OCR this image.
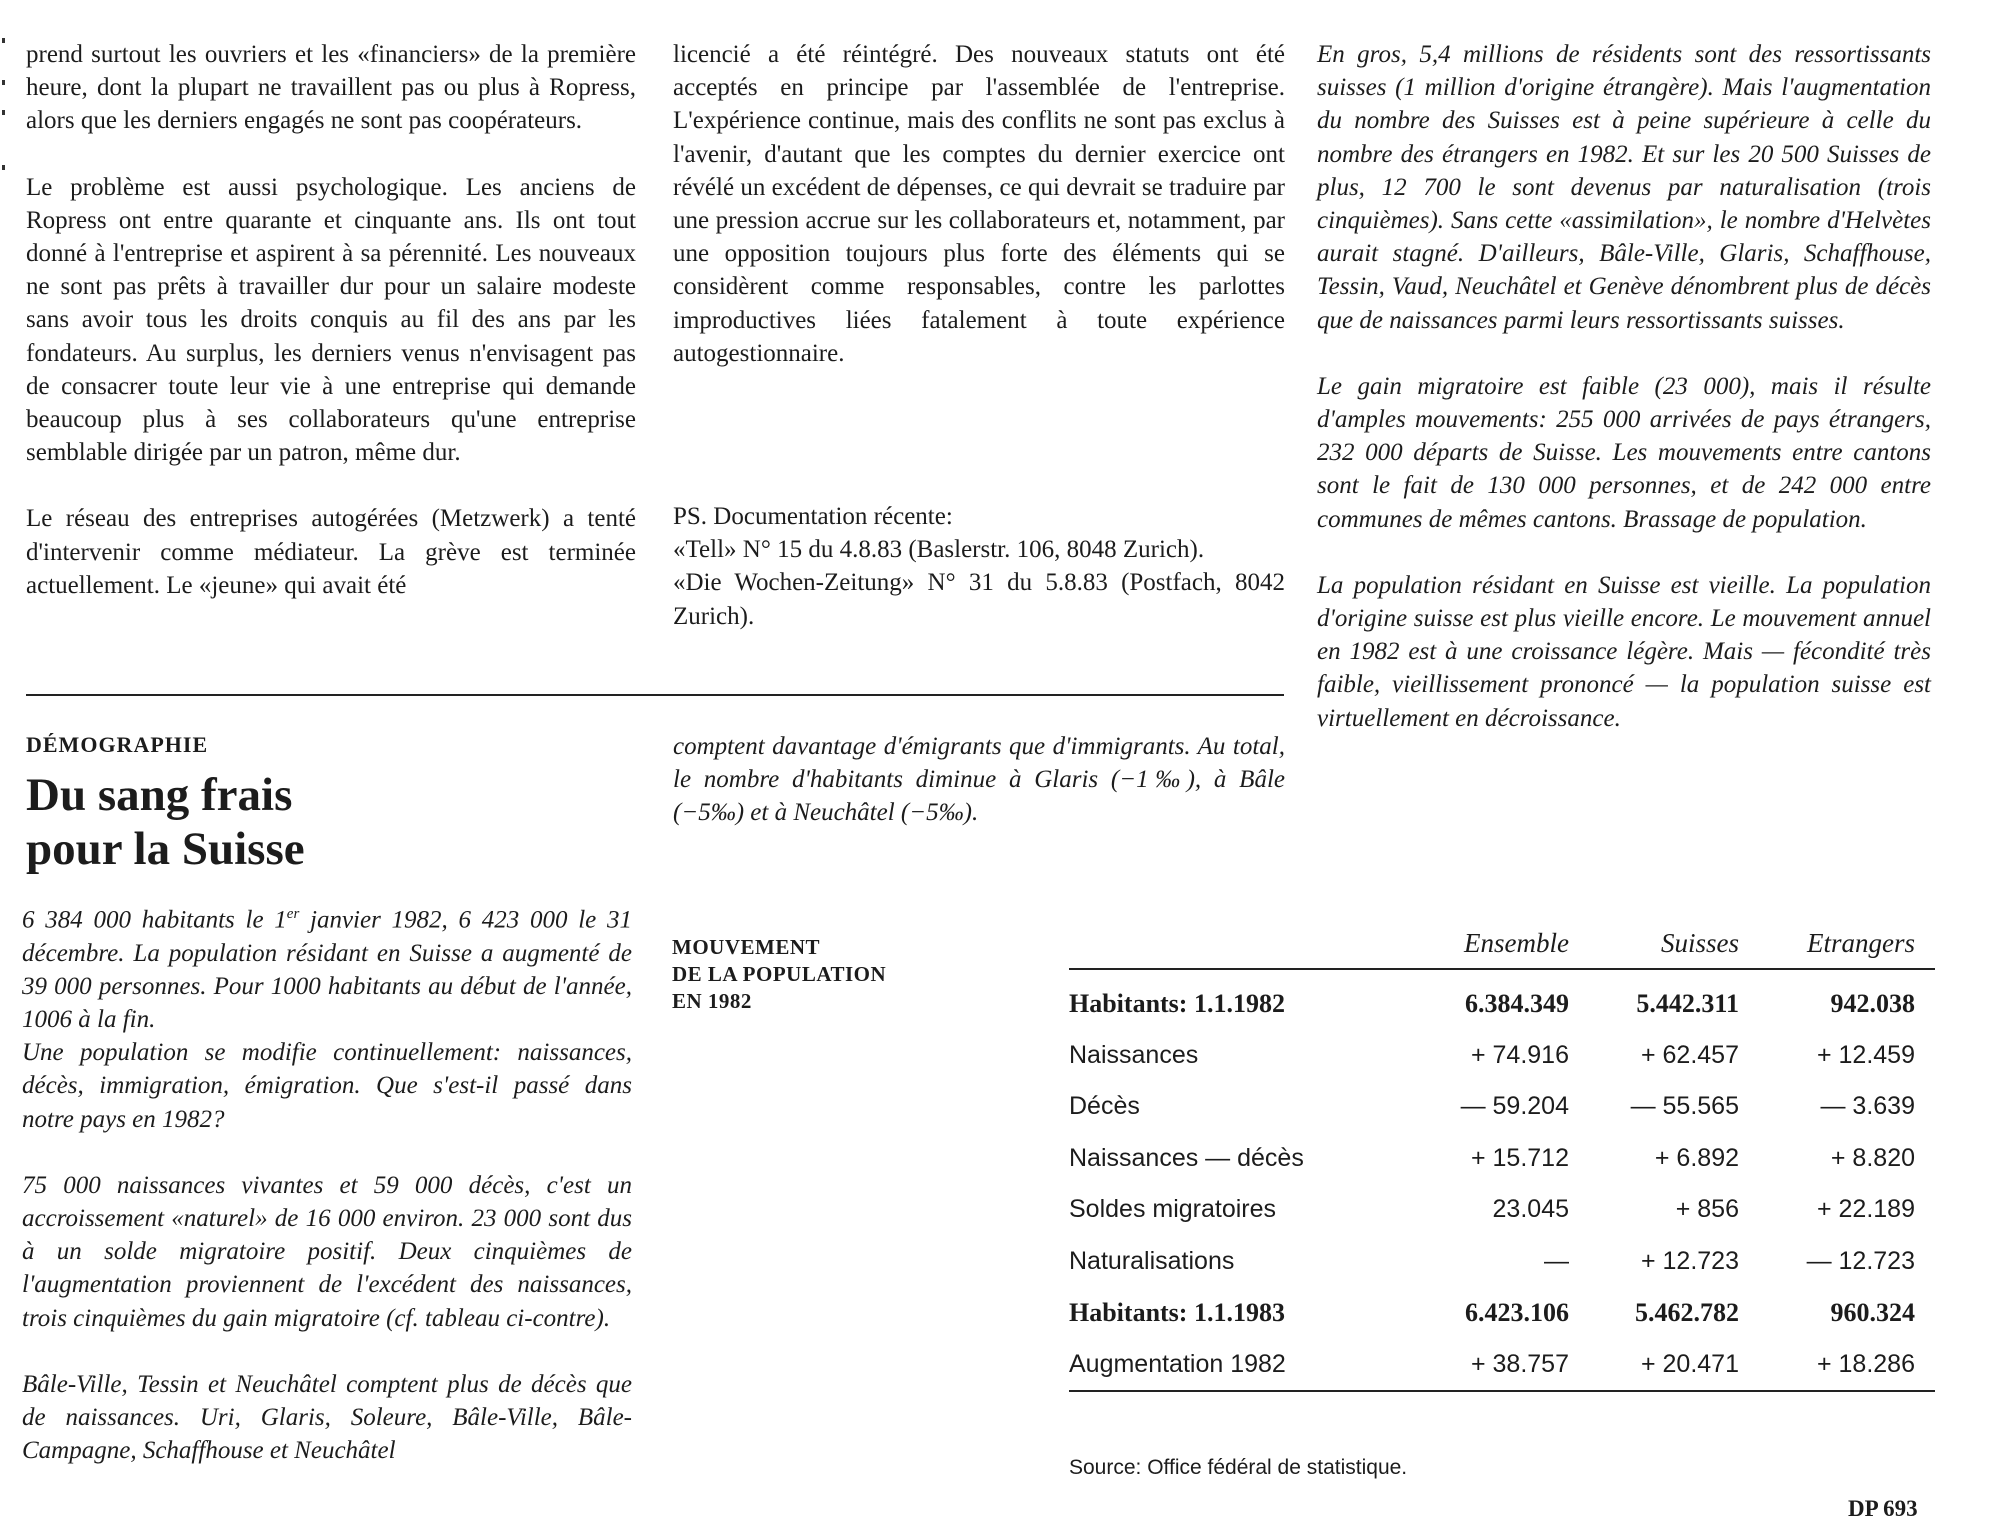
prend surtout les ouvriers et les «financiers» de la première heure, dont la plupart ne travaillent pas ou plus à Ropress, alors que les derniers engagés ne sont pas coopérateurs.

Le problème est aussi psychologique. Les anciens de Ropress ont entre quarante et cinquante ans. Ils ont tout donné à l'entreprise et aspirent à sa pérennité. Les nouveaux ne sont pas prêts à travailler dur pour un salaire modeste sans avoir tous les droits conquis au fil des ans par les fondateurs. Au surplus, les derniers venus n'envisagent pas de consacrer toute leur vie à une entreprise qui demande beaucoup plus à ses collaborateurs qu'une entreprise semblable dirigée par un patron, même dur.

Le réseau des entreprises autogérées (Metzwerk) a tenté d'intervenir comme médiateur. La grève est terminée actuellement. Le «jeune» qui avait été

licencié a été réintégré. Des nouveaux statuts ont été acceptés en principe par l'assemblée de l'entreprise. L'expérience continue, mais des conflits ne sont pas exclus à l'avenir, d'autant que les comptes du dernier exercice ont révélé un excédent de dépenses, ce qui devrait se traduire par une pression accrue sur les collaborateurs et, notamment, par une opposition toujours plus forte des éléments qui se considèrent comme responsables, contre les parlottes improductives liées fatalement à toute expérience autogestionnaire.

PS. Documentation récente:

«Tell» N° 15 du 4.8.83 (Baslerstr. 106, 8048 Zurich).

«Die Wochen-Zeitung» N° 31 du 5.8.83 (Postfach, 8042 Zurich).

En gros, 5,4 millions de résidents sont des ressortissants suisses (1 million d'origine étrangère). Mais l'augmentation du nombre des Suisses est à peine supérieure à celle du nombre des étrangers en 1982. Et sur les 20 500 Suisses de plus, 12 700 le sont devenus par naturalisation (trois cinquièmes). Sans cette «assimilation», le nombre d'Helvètes aurait stagné. D'ailleurs, Bâle-Ville, Glaris, Schaffhouse, Tessin, Vaud, Neuchâtel et Genève dénombrent plus de décès que de naissances parmi leurs ressortissants suisses.

Le gain migratoire est faible (23 000), mais il résulte d'amples mouvements: 255 000 arrivées de pays étrangers, 232 000 départs de Suisse. Les mouvements entre cantons sont le fait de 130 000 personnes, et de 242 000 entre communes de mêmes cantons. Brassage de population.

La population résidant en Suisse est vieille. La population d'origine suisse est plus vieille encore. Le mouvement annuel en 1982 est à une croissance légère. Mais — fécondité très faible, vieillissement prononcé — la population suisse est virtuellement en décroissance.

DÉMOGRAPHIE
Du sang frais
pour la Suisse

6 384 000 habitants le 1er janvier 1982, 6 423 000 le 31 décembre. La population résidant en Suisse a augmenté de 39 000 personnes. Pour 1000 habitants au début de l'année, 1006 à la fin.

Une population se modifie continuellement: naissances, décès, immigration, émigration. Que s'est-il passé dans notre pays en 1982?

75 000 naissances vivantes et 59 000 décès, c'est un accroissement «naturel» de 16 000 environ. 23 000 sont dus à un solde migratoire positif. Deux cinquièmes de l'augmentation proviennent de l'excédent des naissances, trois cinquièmes du gain migratoire (cf. tableau ci-contre).

Bâle-Ville, Tessin et Neuchâtel comptent plus de décès que de naissances. Uri, Glaris, Soleure, Bâle-Ville, Bâle-Campagne, Schaffhouse et Neuchâtel

comptent davantage d'émigrants que d'immigrants. Au total, le nombre d'habitants diminue à Glaris (−1‰), à Bâle (−5‰) et à Neuchâtel (−5‰).

MOUVEMENT
DE LA POPULATION
EN 1982
	Ensemble	Suisses	Etrangers
Habitants: 1.1.1982	6.384.349	5.442.311	942.038
Naissances	+ 74.916	+ 62.457	+ 12.459
Décès	— 59.204	— 55.565	— 3.639
Naissances — décès	+ 15.712	+ 6.892	+ 8.820
Soldes migratoires	23.045	+ 856	+ 22.189
Naturalisations	—	+ 12.723	— 12.723
Habitants: 1.1.1983	6.423.106	5.462.782	960.324
Augmentation 1982	+ 38.757	+ 20.471	+ 18.286
Source: Office fédéral de statistique.
DP 693
